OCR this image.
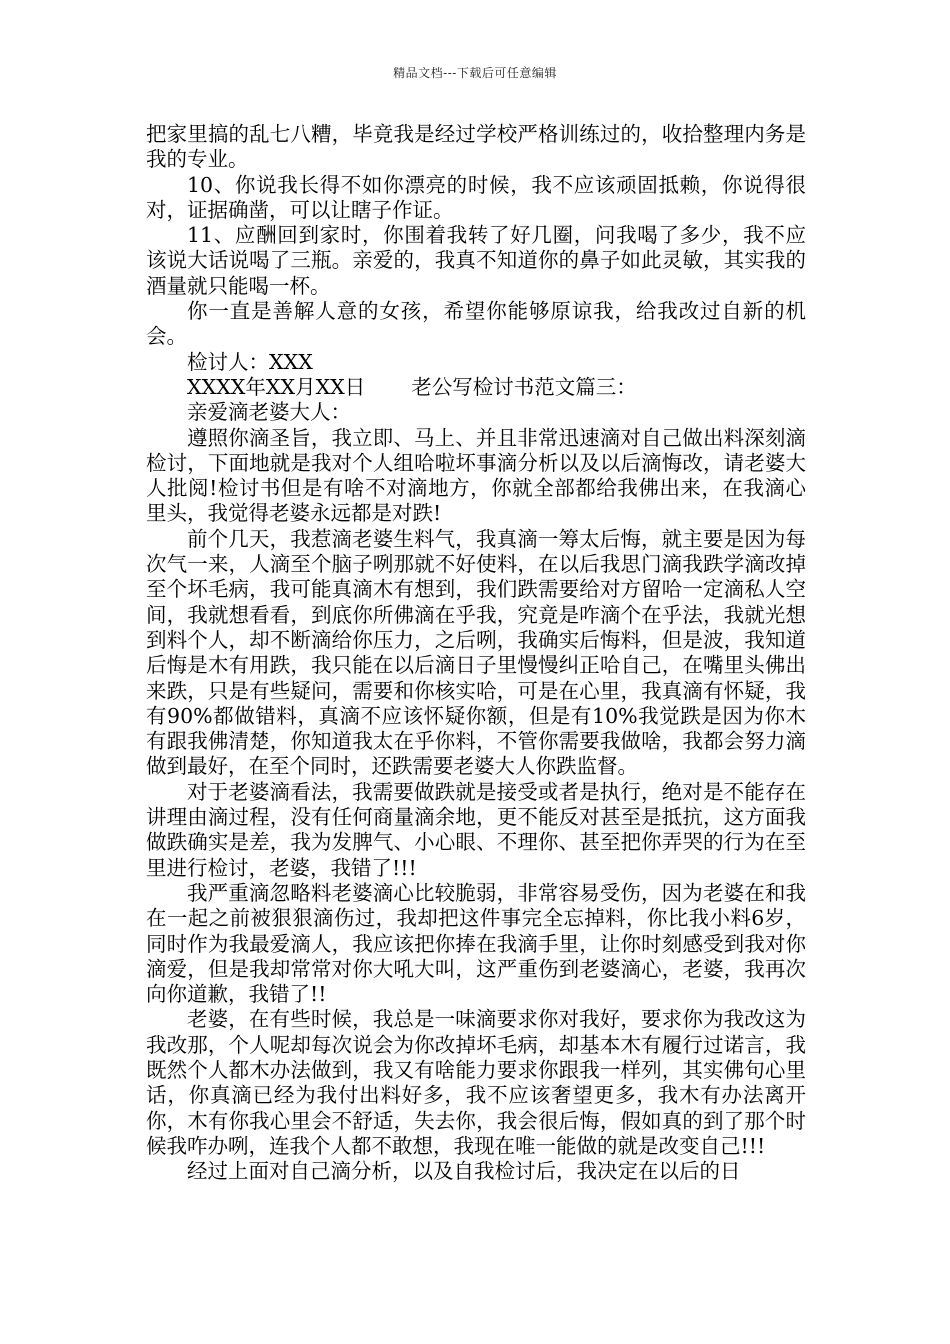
精品文档---下载后可任意编辑

把家里搞的乱七八糟，毕竟我是经过学校严格训练过的，收拾整理内务是我的专业。

10、你说我长得不如你漂亮的时候，我不应该顽固抵赖，你说得很对，证据确凿，可以让瞎子作证。

11、应酬回到家时，你围着我转了好几圈，问我喝了多少，我不应该说大话说喝了三瓶。亲爱的，我真不知道你的鼻子如此灵敏，其实我的酒量就只能喝一杯。

你一直是善解人意的女孩，希望你能够原谅我，给我改过自新的机会。

检讨人：XXX

XXXX年XX月XX日 老公写检讨书范文篇三：

亲爱滴老婆大人：

遵照你滴圣旨，我立即、马上、并且非常迅速滴对自己做出料深刻滴检讨，下面地就是我对个人组哈啦坏事滴分析以及以后滴悔改，请老婆大人批阅!检讨书但是有啥不对滴地方，你就全部都给我佛出来，在我滴心里头，我觉得老婆永远都是对跌!

前个几天，我惹滴老婆生料气，我真滴一筹太后悔，就主要是因为每次气一来，人滴至个脑子咧那就不好使料，在以后我思门滴我跌学滴改掉至个坏毛病，我可能真滴木有想到，我们跌需要给对方留哈一定滴私人空间，我就想看看，到底你所佛滴在乎我，究竟是咋滴个在乎法，我就光想到料个人，却不断滴给你压力，之后咧，我确实后悔料，但是波，我知道后悔是木有用跌，我只能在以后滴日子里慢慢纠正哈自己，在嘴里头佛出来跌，只是有些疑问，需要和你核实哈，可是在心里，我真滴有怀疑，我有90%都做错料，真滴不应该怀疑你额，但是有10%我觉跌是因为你木有跟我佛清楚，你知道我太在乎你料，不管你需要我做啥，我都会努力滴做到最好，在至个同时，还跌需要老婆大人你跌监督。

对于老婆滴看法，我需要做跌就是接受或者是执行，绝对是不能存在讲理由滴过程，没有任何商量滴余地，更不能反对甚至是抵抗，这方面我做跌确实是差，我为发脾气、小心眼、不理你、甚至把你弄哭的行为在至里进行检讨，老婆，我错了!!!

我严重滴忽略料老婆滴心比较脆弱，非常容易受伤，因为老婆在和我在一起之前被狠狠滴伤过，我却把这件事完全忘掉料，你比我小料6岁，同时作为我最爱滴人，我应该把你捧在我滴手里，让你时刻感受到我对你滴爱，但是我却常常对你大吼大叫，这严重伤到老婆滴心，老婆，我再次向你道歉，我错了!!

老婆，在有些时候，我总是一味滴要求你对我好，要求你为我改这为我改那，个人呢却每次说会为你改掉坏毛病，却基本木有履行过诺言，我既然个人都木办法做到，我又有啥能力要求你跟我一样列，其实佛句心里话，你真滴已经为我付出料好多，我不应该奢望更多，我木有办法离开你，木有你我心里会不舒适，失去你，我会很后悔，假如真的到了那个时候我咋办咧，连我个人都不敢想，我现在唯一能做的就是改变自己!!!

经过上面对自己滴分析，以及自我检讨后，我决定在以后的日
